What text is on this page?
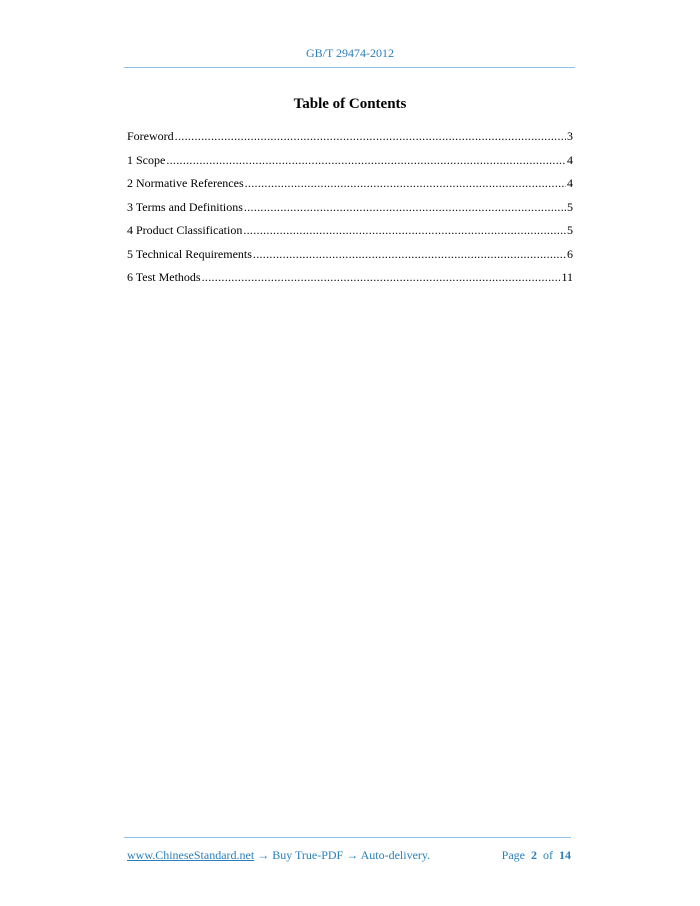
GB/T 29474-2012
Table of Contents
Foreword .....	3
1 Scope .....	4
2 Normative References .....	4
3 Terms and Definitions .....	5
4 Product Classification .....	5
5 Technical Requirements .....	6
6 Test Methods .....	11
www.ChineseStandard.net → Buy True-PDF → Auto-delivery.	Page 2 of 14
